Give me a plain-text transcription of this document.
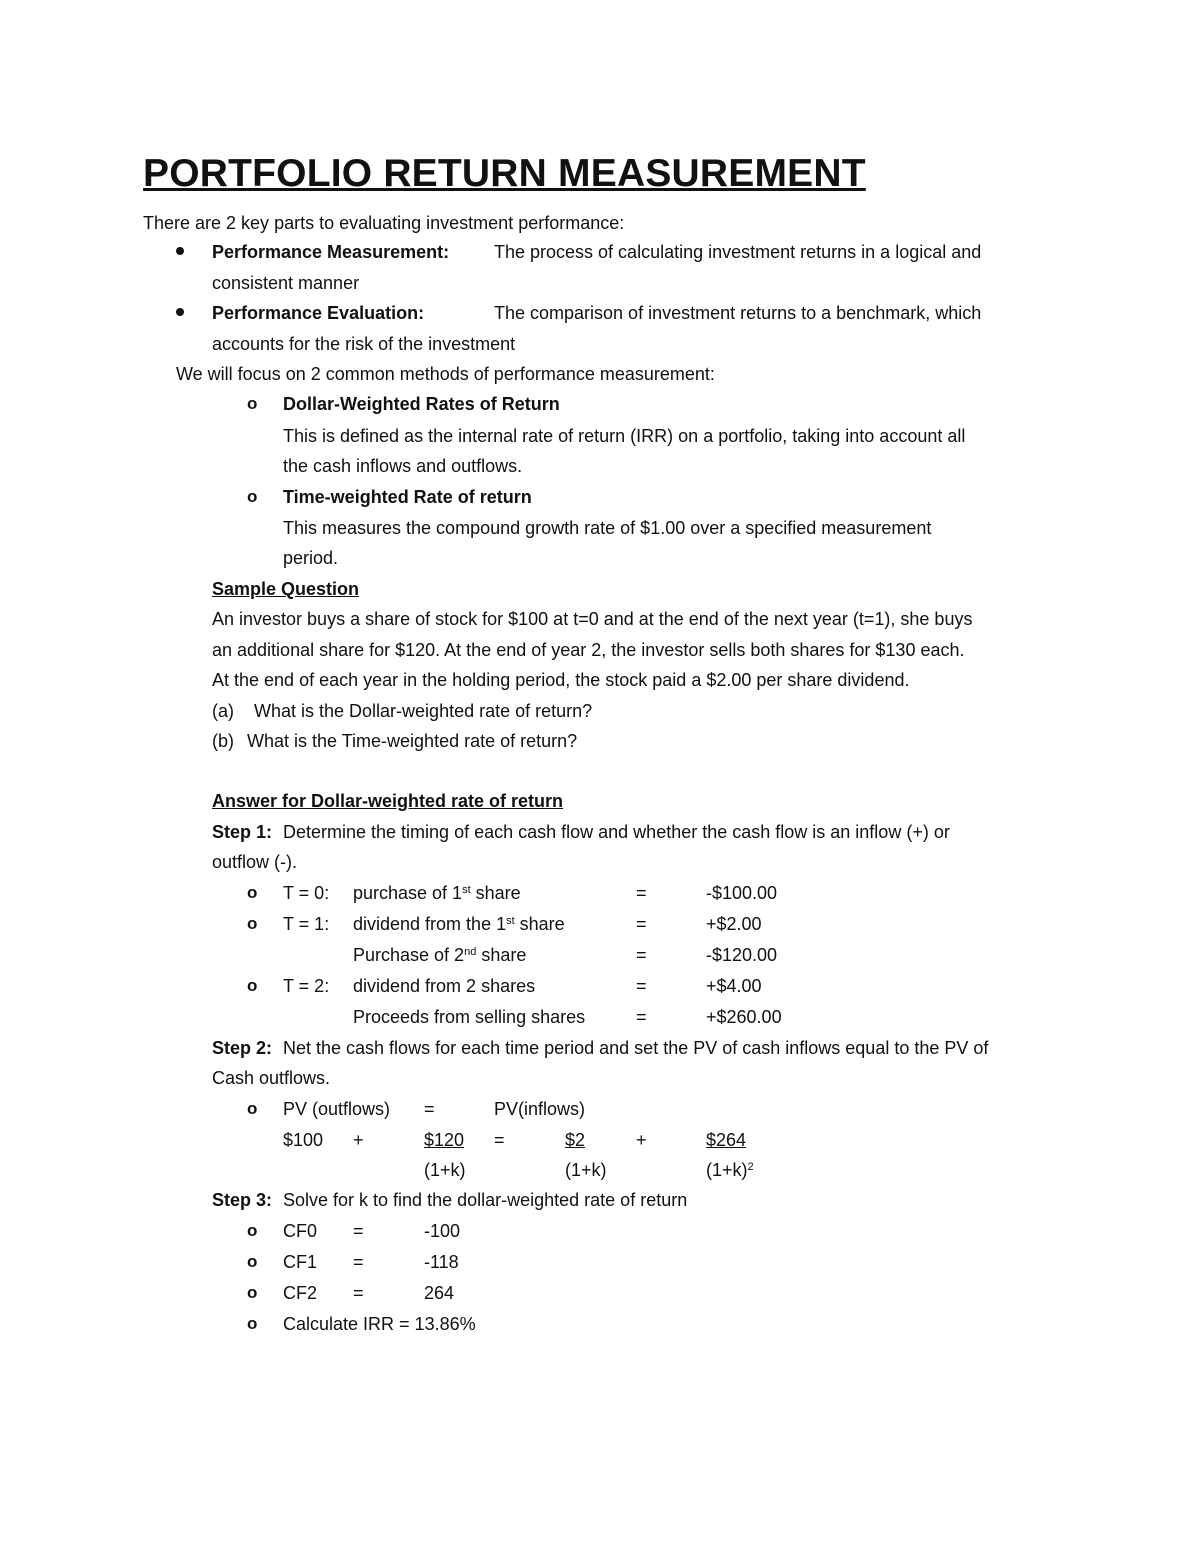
PORTFOLIO RETURN MEASUREMENT
There are 2 key parts to evaluating investment performance:
Performance Measurement: The process of calculating investment returns in a logical and
consistent manner
Performance Evaluation:	The comparison of investment returns to a benchmark, which
accounts for the risk of the investment
We will focus on 2 common methods of performance measurement:
o Dollar-Weighted Rates of Return
This is defined as the internal rate of return (IRR) on a portfolio, taking into account all
the cash inflows and outflows.
o Time-weighted Rate of return
This measures the compound growth rate of $1.00 over a specified measurement
period.
Sample Question
An investor buys a share of stock for $100 at t=0 and at the end of the next year (t=1), she buys
an additional share for $120. At the end of year 2, the investor sells both shares for $130 each.
At the end of each year in the holding period, the stock paid a $2.00 per share dividend.
(a) What is the Dollar-weighted rate of return?
(b) What is the Time-weighted rate of return?
Answer for Dollar-weighted rate of return
Step 1: Determine the timing of each cash flow and whether the cash flow is an inflow (+) or
outflow (-).
o T = 0: purchase of 1st share	=	-$100.00
o T = 1: dividend from the 1st share	=	+$2.00
Purchase of 2nd share	=	-$120.00
o T = 2: dividend from 2 shares	=	+$4.00
Proceeds from selling shares	=	+$260.00
Step 2: Net the cash flows for each time period and set the PV of cash inflows equal to the PV of
Cash outflows.
o PV (outflows) =	PV(inflows)
$100 +	$120 =	$2	+	$264
(1+k)	(1+k)	$(1+k)^2$
Step 3: Solve for k to find the dollar-weighted rate of return
o CF0 =	-100
o CF1 =	-118
o CF2 =	264
o Calculate IRR = 13.86%
